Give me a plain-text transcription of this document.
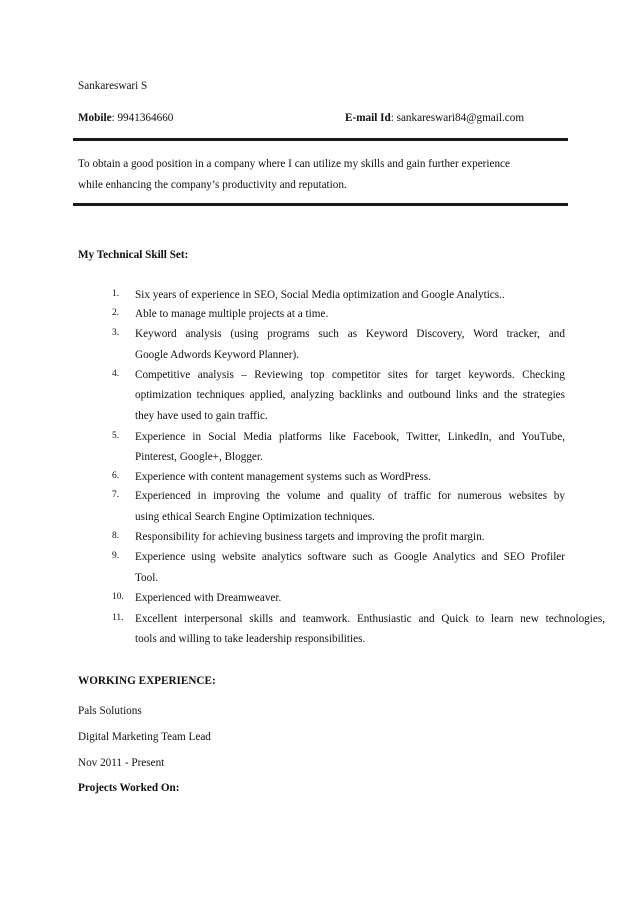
Sankareswari S
Mobile: 9941364660	E-mail Id: sankareswari84@gmail.com
To obtain a good position in a company where I can utilize my skills and gain further experience
while enhancing the company’s productivity and reputation.
My Technical Skill Set:
1. Six years of experience in SEO, Social Media optimization and Google Analytics..
2. Able to manage multiple projects at a time.
3. Keyword analysis (using programs such as Keyword Discovery, Word tracker, and
Google Adwords Keyword Planner).
4. Competitive analysis – Reviewing top competitor sites for target keywords. Checking
optimization techniques applied, analyzing backlinks and outbound links and the strategies
they have used to gain traffic.
5. Experience in Social Media platforms like Facebook, Twitter, LinkedIn, and YouTube,
Pinterest, Google+, Blogger.
6. Experience with content management systems such as WordPress.
7. Experienced in improving the volume and quality of traffic for numerous websites by
using ethical Search Engine Optimization techniques.
8. Responsibility for achieving business targets and improving the profit margin.
9. Experience using website analytics software such as Google Analytics and SEO Profiler
Tool.
10. Experienced with Dreamweaver.
11. Excellent interpersonal skills and teamwork. Enthusiastic and Quick to learn new technologies,
tools and willing to take leadership responsibilities.
WORKING EXPERIENCE:
Pals Solutions
Digital Marketing Team Lead
Nov 2011 - Present
Projects Worked On:
